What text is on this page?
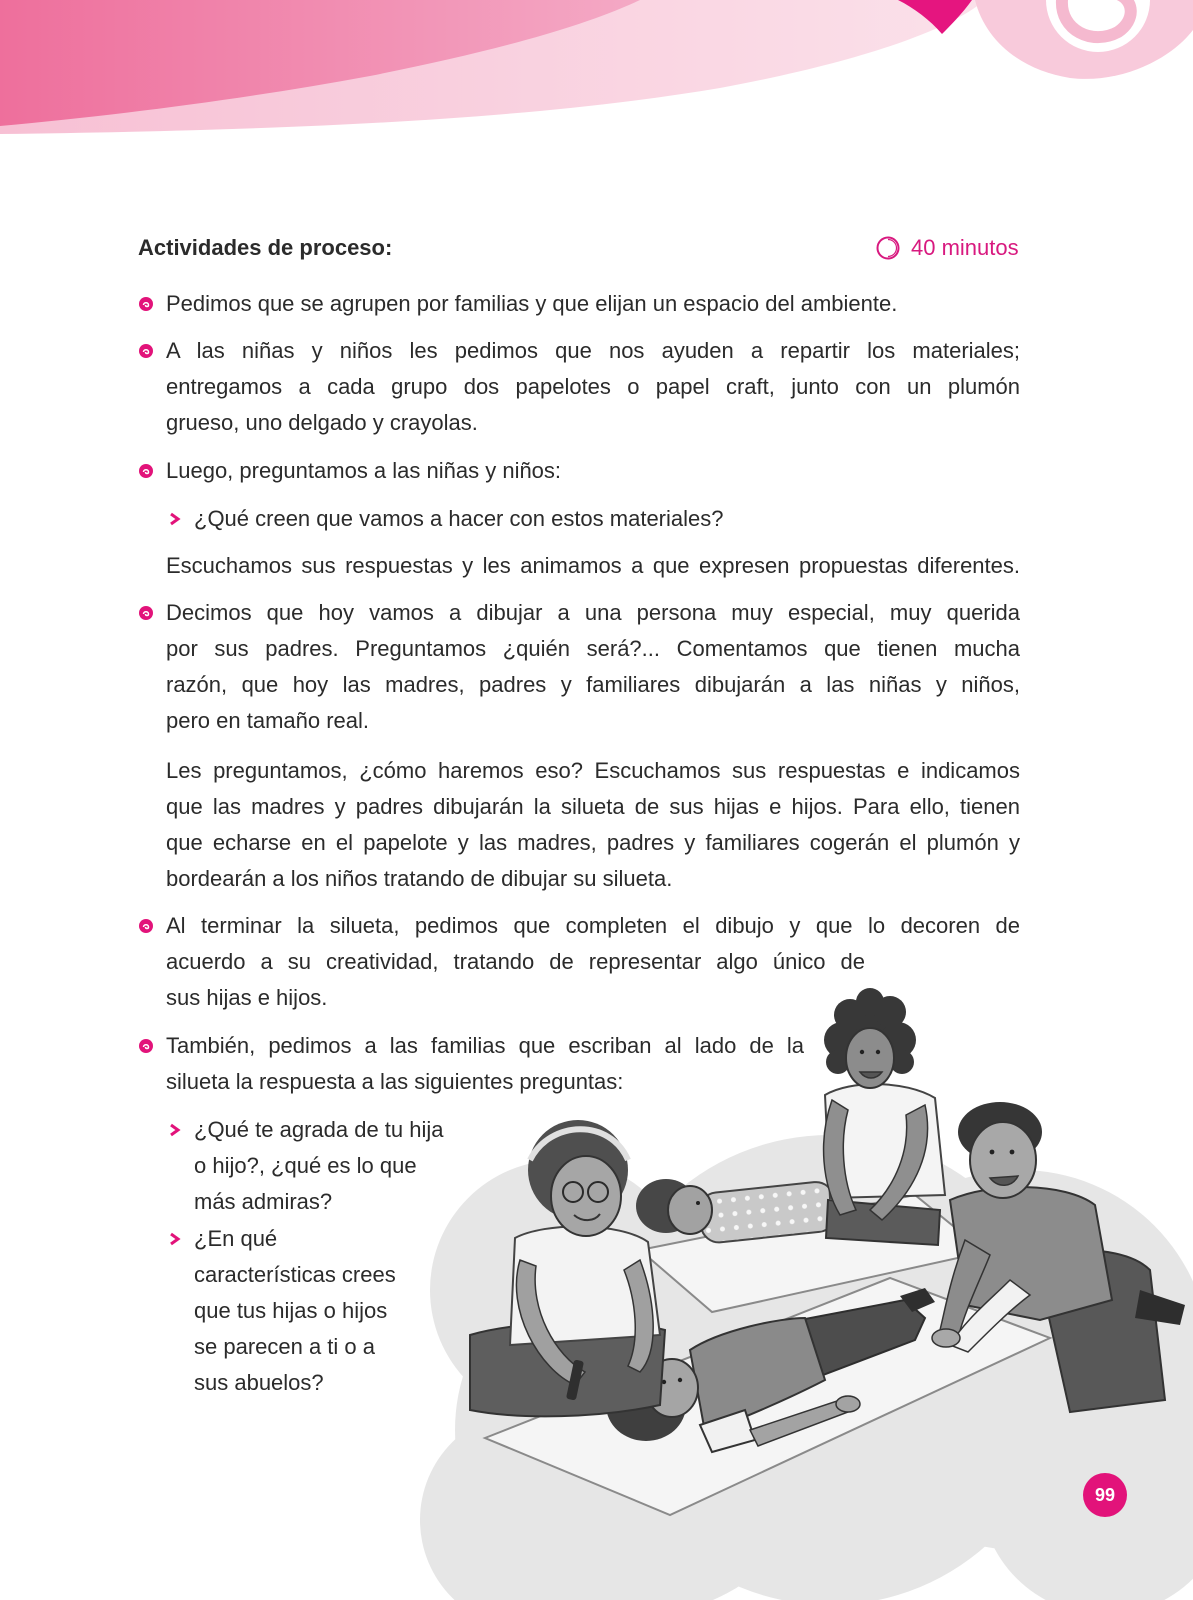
Actividades de proceso:	40 minutos
Pedimos que se agrupen por familias y que elijan un espacio del ambiente.
A las niñas y niños les pedimos que nos ayuden a repartir los materiales;
entregamos a cada grupo dos papelotes o papel craft, junto con un plumón
grueso, uno delgado y crayolas.
Luego, preguntamos a las niñas y niños:
¿Qué creen que vamos a hacer con estos materiales?
Escuchamos sus respuestas y les animamos a que expresen propuestas diferentes.
Decimos que hoy vamos a dibujar a una persona muy especial, muy querida
por sus padres. Preguntamos ¿quién será?... Comentamos que tienen mucha
razón, que hoy las madres, padres y familiares dibujarán a las niñas y niños,
pero en tamaño real.
Les preguntamos, ¿cómo haremos eso? Escuchamos sus respuestas e indicamos
que las madres y padres dibujarán la silueta de sus hijas e hijos. Para ello, tienen
que echarse en el papelote y las madres, padres y familiares cogerán el plumón y
bordearán a los niños tratando de dibujar su silueta.
Al terminar la silueta, pedimos que completen el dibujo y que lo decoren de
acuerdo a su creatividad, tratando de representar algo único de
sus hijas e hijos.
También, pedimos a las familias que escriban al lado de la
silueta la respuesta a las siguientes preguntas:
¿Qué te agrada de tu hija
o hijo?, ¿qué es lo que
más admiras?
¿En qué
características crees
que tus hijas o hijos
se parecen a ti o a
sus abuelos?
99
